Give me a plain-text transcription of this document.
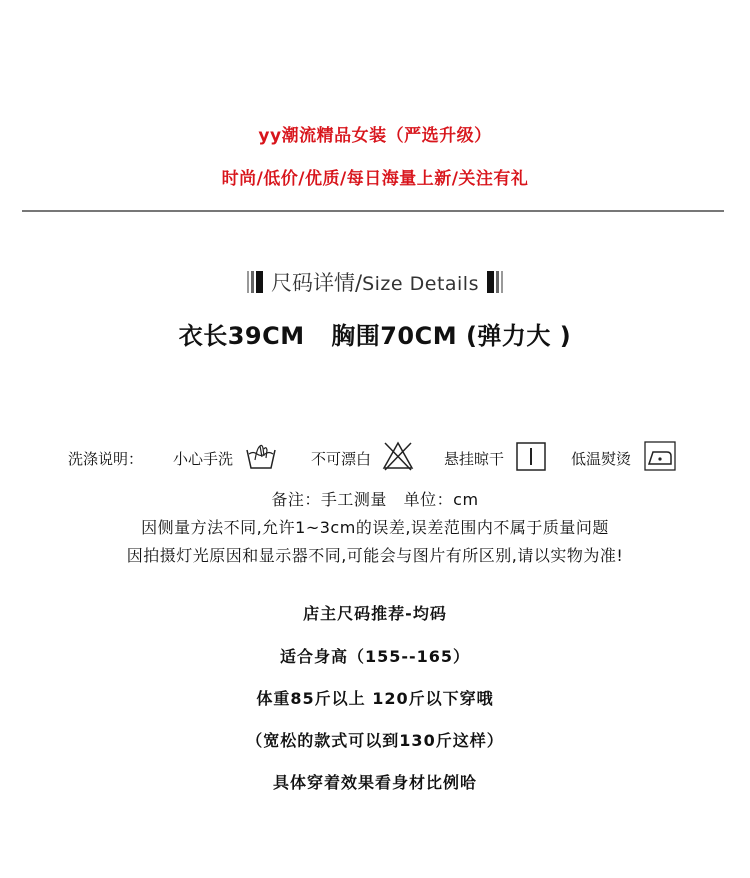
yy潮流精品女装（严选升级）
时尚/低价/优质/每日海量上新/关注有礼
尺码详情/Size Details
衣长39CM   胸围70CM (弹力大 )
洗涤说明： 小心手洗	不可漂白	悬挂晾干	低温熨烫
备注：手工测量   单位：cm
因侧量方法不同,允许1~3cm的误差,误差范围内不属于质量问题
因拍摄灯光原因和显示器不同,可能会与图片有所区别,请以实物为准!
店主尺码推荐-均码
适合身高（155--165）
体重85斤以上 120斤以下穿哦
（宽松的款式可以到130斤这样）
具体穿着效果看身材比例哈
